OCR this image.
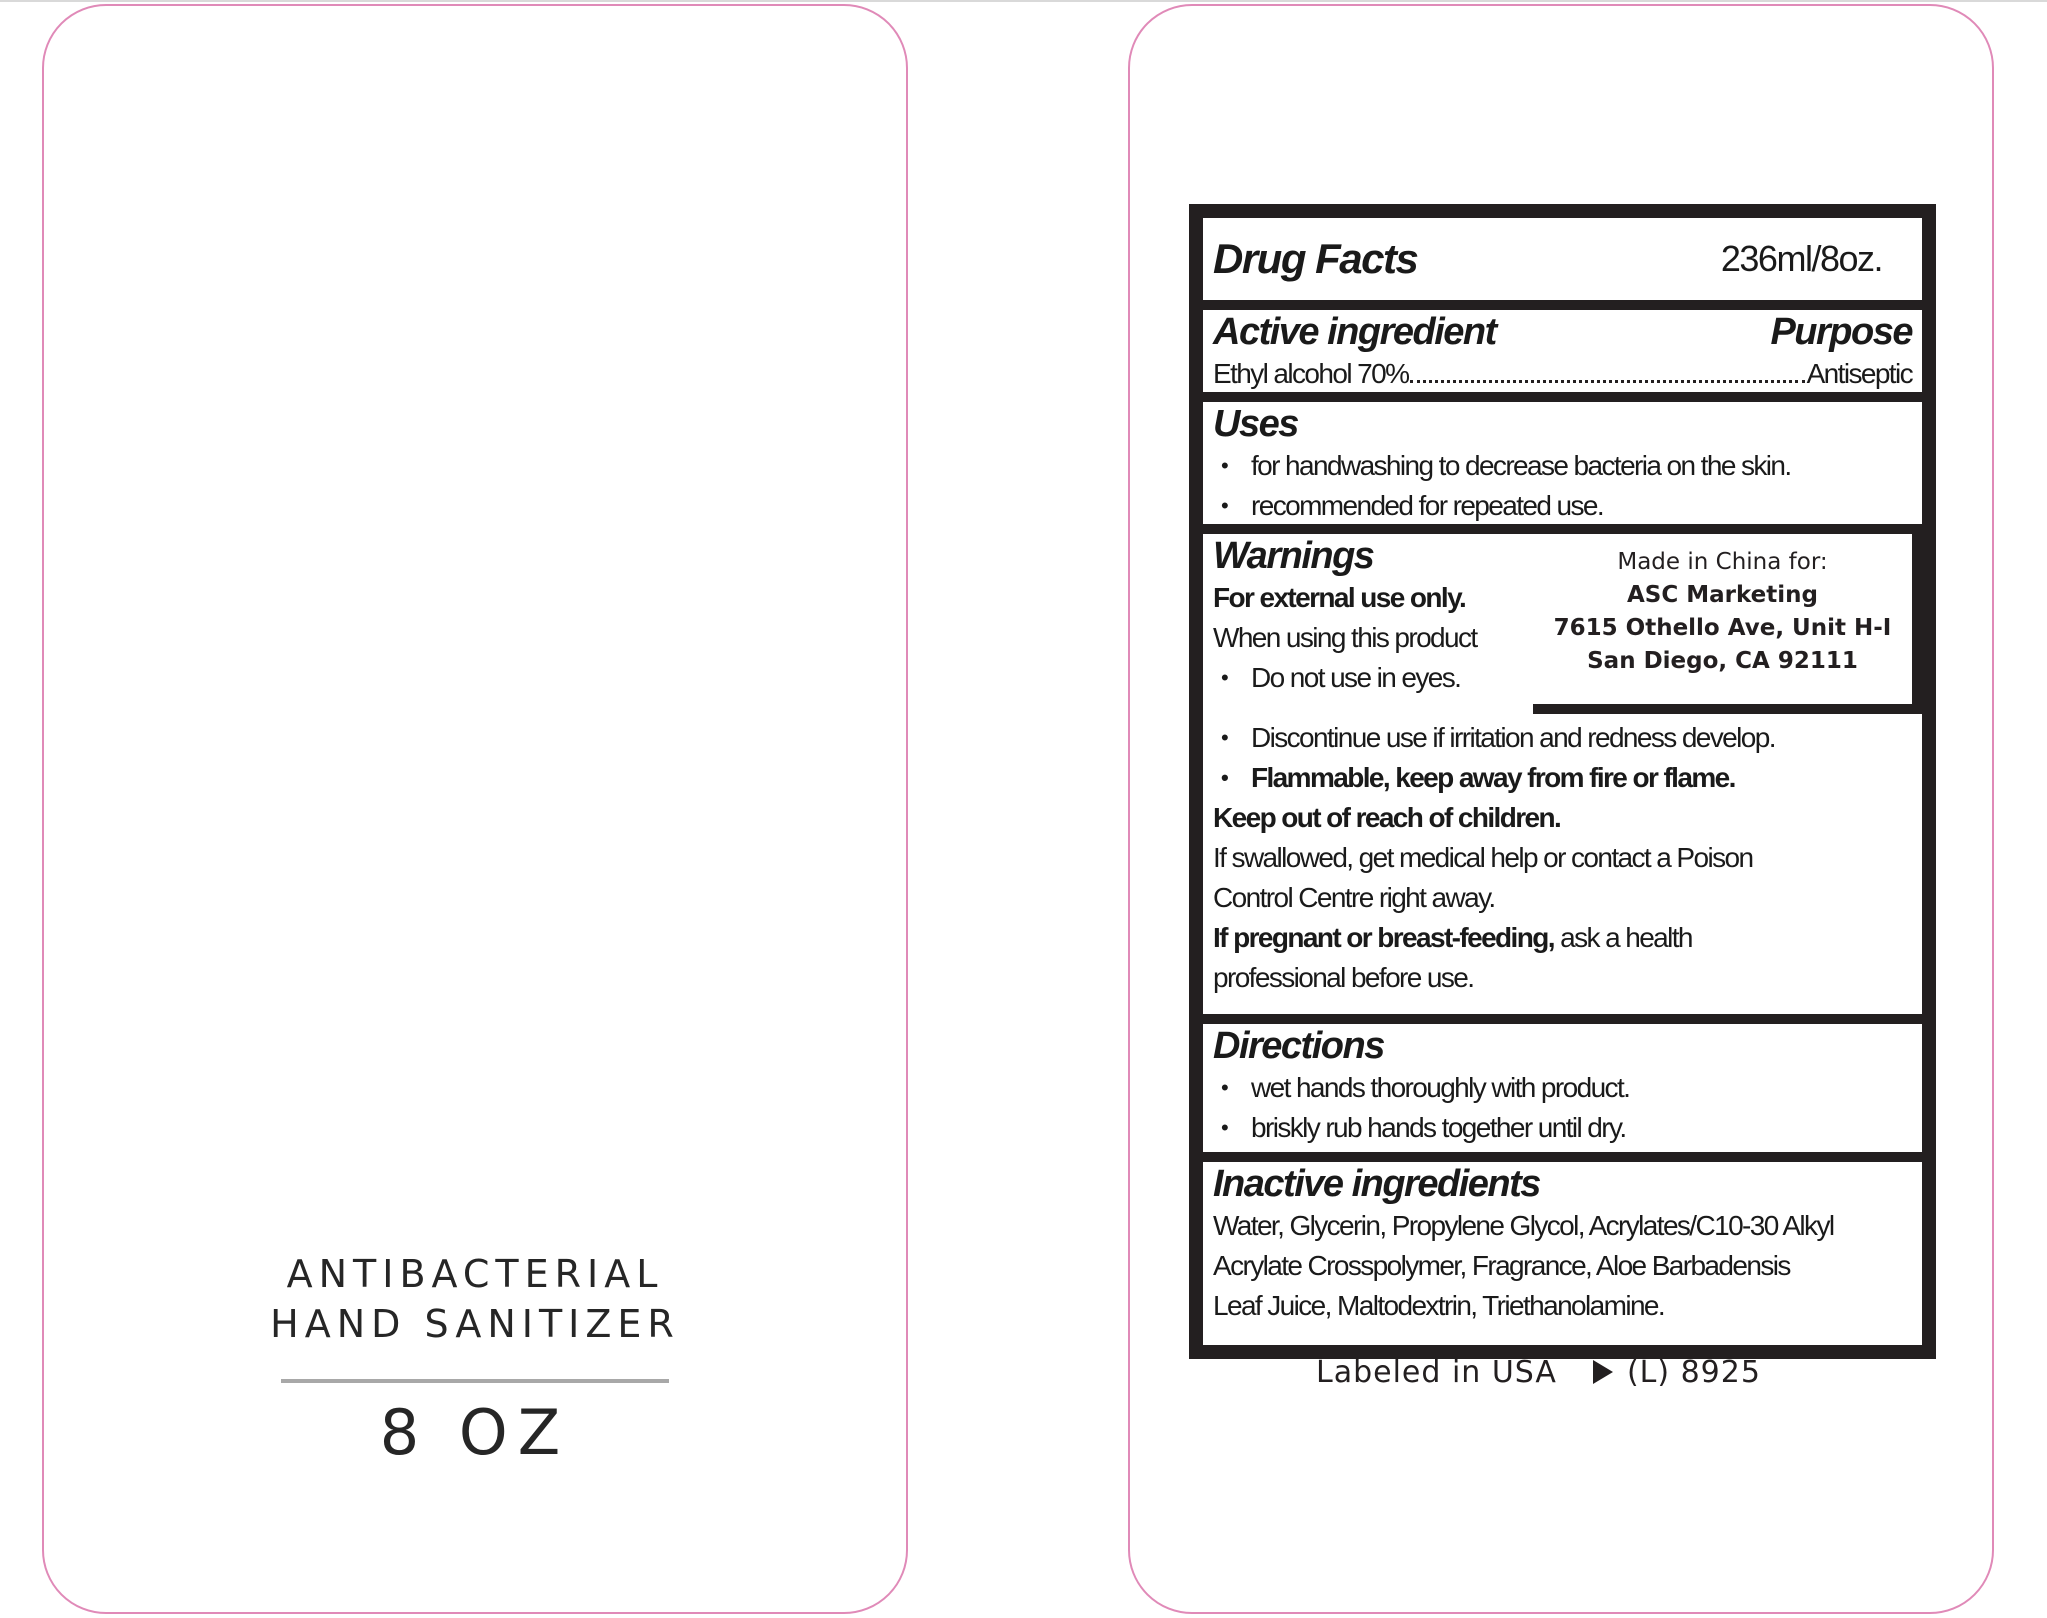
ANTIBACTERIAL
HAND SANITIZER
8 OZ
Drug Facts	236ml/8oz.
Active ingredient	Purpose
Ethyl alcohol 70%	Antiseptic
Uses
• for handwashing to decrease bacteria on the skin.
• recommended for repeated use.
• Discontinue use if irritation and redness develop.
• Flammable, keep away from fire or flame.
Keep out of reach of children.
If swallowed, get medical help or contact a Poison
Control Centre right away.
If pregnant or breast-feeding, ask a health
professional before use.
Warnings
For external use only.
When using this product
• Do not use in eyes.
Made in China for:
ASC Marketing
7615 Othello Ave, Unit H-I
San Diego, CA 92111
Directions
• wet hands thoroughly with product.
• briskly rub hands together until dry.
Inactive ingredients
Water, Glycerin, Propylene Glycol, Acrylates/C10-30 Alkyl
Acrylate Crosspolymer, Fragrance, Aloe Barbadensis
Leaf Juice, Maltodextrin, Triethanolamine.
Labeled in USA (L) 8925
